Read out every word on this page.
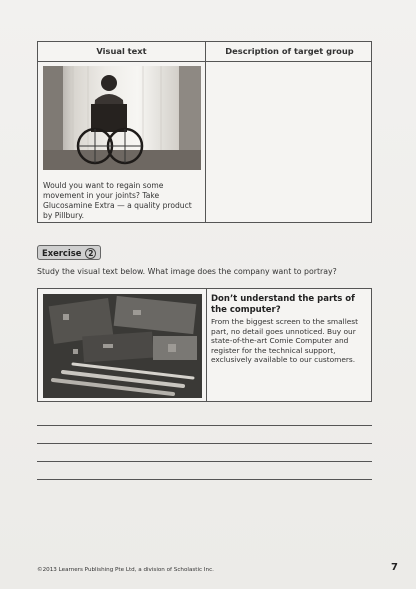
Visual text	Description of target group
Would you want to regain some movement in your joints? Take Glucosamine Extra — a quality product by Pillbury.
Exercise 2
Study the visual text below. What image does the company want to portray?
Don’t understand the parts of the computer?
From the biggest screen to the smallest part, no detail goes unnoticed. Buy our state-of-the-art Comie Computer and register for the technical support, exclusively available to our customers.
©2013 Learners Publishing Pte Ltd, a division of Scholastic Inc.	7
